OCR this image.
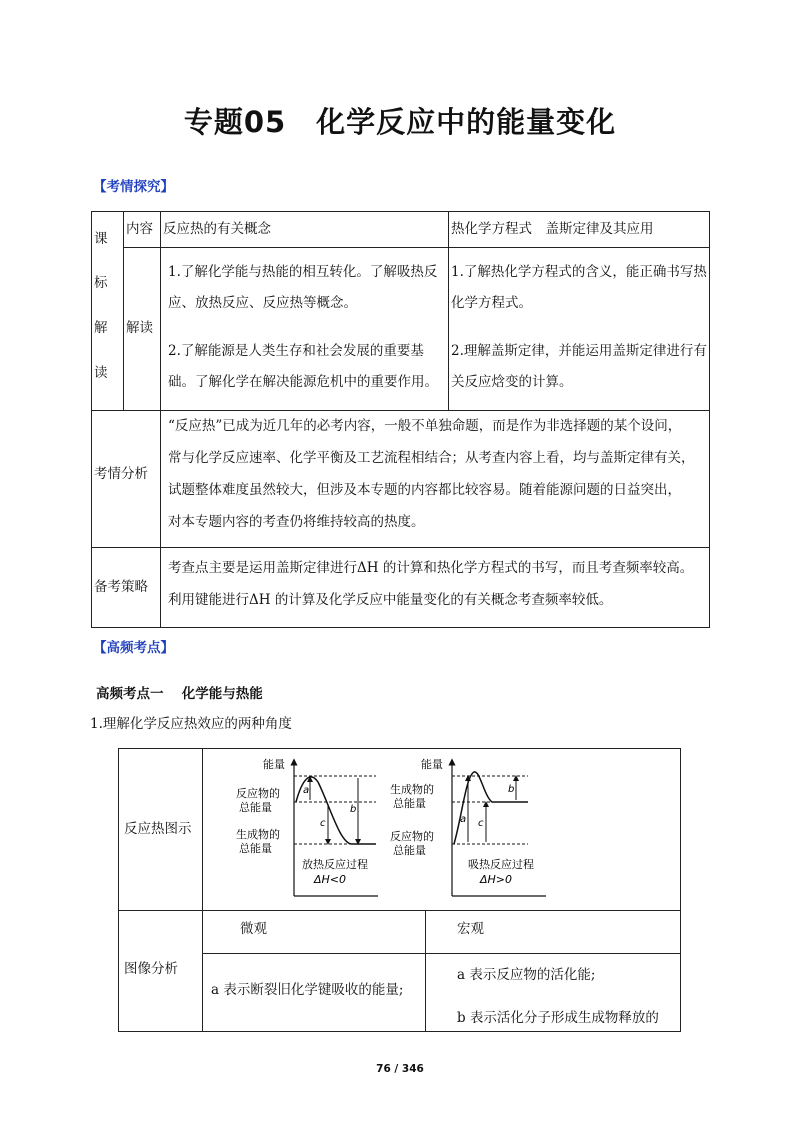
专题05　化学反应中的能量变化
【考情探究】
课
标
解
读
内容
解读
反应热的有关概念	热化学方程式　盖斯定律及其应用
1.了解化学能与热能的相互转化。了解吸热反
应、放热反应、反应热等概念。
2.了解能源是人类生存和社会发展的重要基
础。了解化学在解决能源危机中的重要作用。
1.了解热化学方程式的含义，能正确书写热
化学方程式。
2.理解盖斯定律，并能运用盖斯定律进行有
关反应焓变的计算。
考情分析
“反应热”已成为近几年的必考内容，一般不单独命题，而是作为非选择题的某个设问，
常与化学反应速率、化学平衡及工艺流程相结合；从考查内容上看，均与盖斯定律有关，
试题整体难度虽然较大，但涉及本专题的内容都比较容易。随着能源问题的日益突出，
对本专题内容的考查仍将维持较高的热度。
备考策略
考查点主要是运用盖斯定律进行ΔH 的计算和热化学方程式的书写，而且考查频率较高。
利用键能进行ΔH 的计算及化学反应中能量变化的有关概念考查频率较低。
【高频考点】
高频考点一　 化学能与热能
1.理解化学反应热效应的两种角度
反应热图示
图像分析
微观	宏观
a 表示断裂旧化学键吸收的能量;
a 表示反应物的活化能;
b 表示活化分子形成生成物释放的
能量
反应物的
总能量
生成物的
总能量
a
b
c
放热反应过程
ΔH<0
能量
生成物的
总能量
反应物的
总能量
a
b
c
吸热反应过程
ΔH>0
76 / 346
